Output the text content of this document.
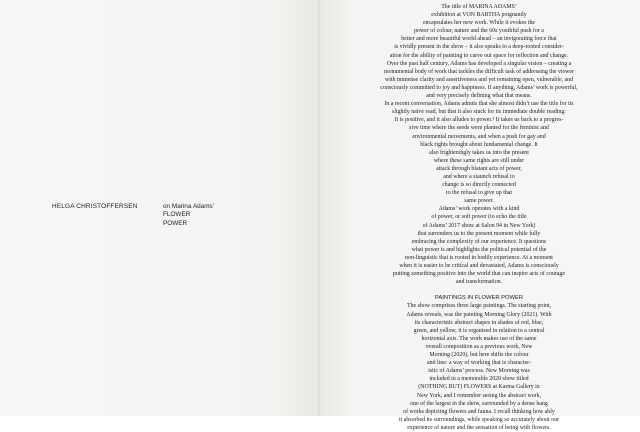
HELGA CHRISTOFFERSEN	on Marina Adams’
FLOWER
POWER
The title of MARINA ADAMS’
exhibition at VON BARTHA poignantly
encapsulates her new work. While it evokes the
power of colour, nature and the 60s youthful push for a
better and more beautiful world ahead – an invigorating force that
is vividly present in the show – it also speaks to a deep-rooted consider-
ation for the ability of painting to carve out space for reflection and change.
Over the past half century, Adams has developed a singular vision – creating a
monumental body of work that tackles the difficult task of addressing the viewer
with immense clarity and assertiveness and yet remaining open, vulnerable, and
consciously committed to joy and happiness. If anything, Adams’ work is powerful,
and very precisely defining what that means.
In a recent conversation, Adams admits that she almost didn’t use the title for its
slightly naïve read, but that it also stuck for its immediate double reading:
It is positive, and it also alludes to power.¹ It takes us back to a progres-
sive time where the seeds were planted for the feminist and
environmental movements, and when a push for gay and
black rights brought about fundamental change. It
also frighteningly takes us into the present
where these same rights are still under
attack through blatant acts of power,
and where a staunch refusal to
change is so directly connected
to the refusal to give up that
same power.
Adams’ work operates with a kind
of power, or soft power (to echo the title
of Adams’ 2017 show at Salon 94 in New York)
that surrenders us to the present moment while fully
embracing the complexity of our experience. It questions
what power is and highlights the political potential of the
non-linguistic that is rooted in bodily experience. At a moment
when it is easier to be critical and devastated, Adams is consciously
putting something positive into the world that can inspire acts of courage
and transformation.
PAINTINGS IN FLOWER POWER
The show comprises three large paintings. The starting point,
Adams reveals, was the painting Morning Glory (2021). With
its characteristic abstract shapes in shades of red, blue,
green, and yellow, it is organised in relation to a central
horizontal axis. The work makes use of the same
overall composition as a previous work, New
Morning (2020), but here shifts the colour
and line: a way of working that is character-
istic of Adams’ process. New Morning was
included in a memorable 2020 show titled
(NOTHING BUT) FLOWERS at Karma Gallery in
New York, and I remember seeing the abstract work,
one of the largest in the show, surrounded by a dense hang
of works depicting flowers and fauna. I recall thinking how ably
it absorbed its surroundings, while speaking so accurately about our
experience of nature and the sensation of being with flowers.
